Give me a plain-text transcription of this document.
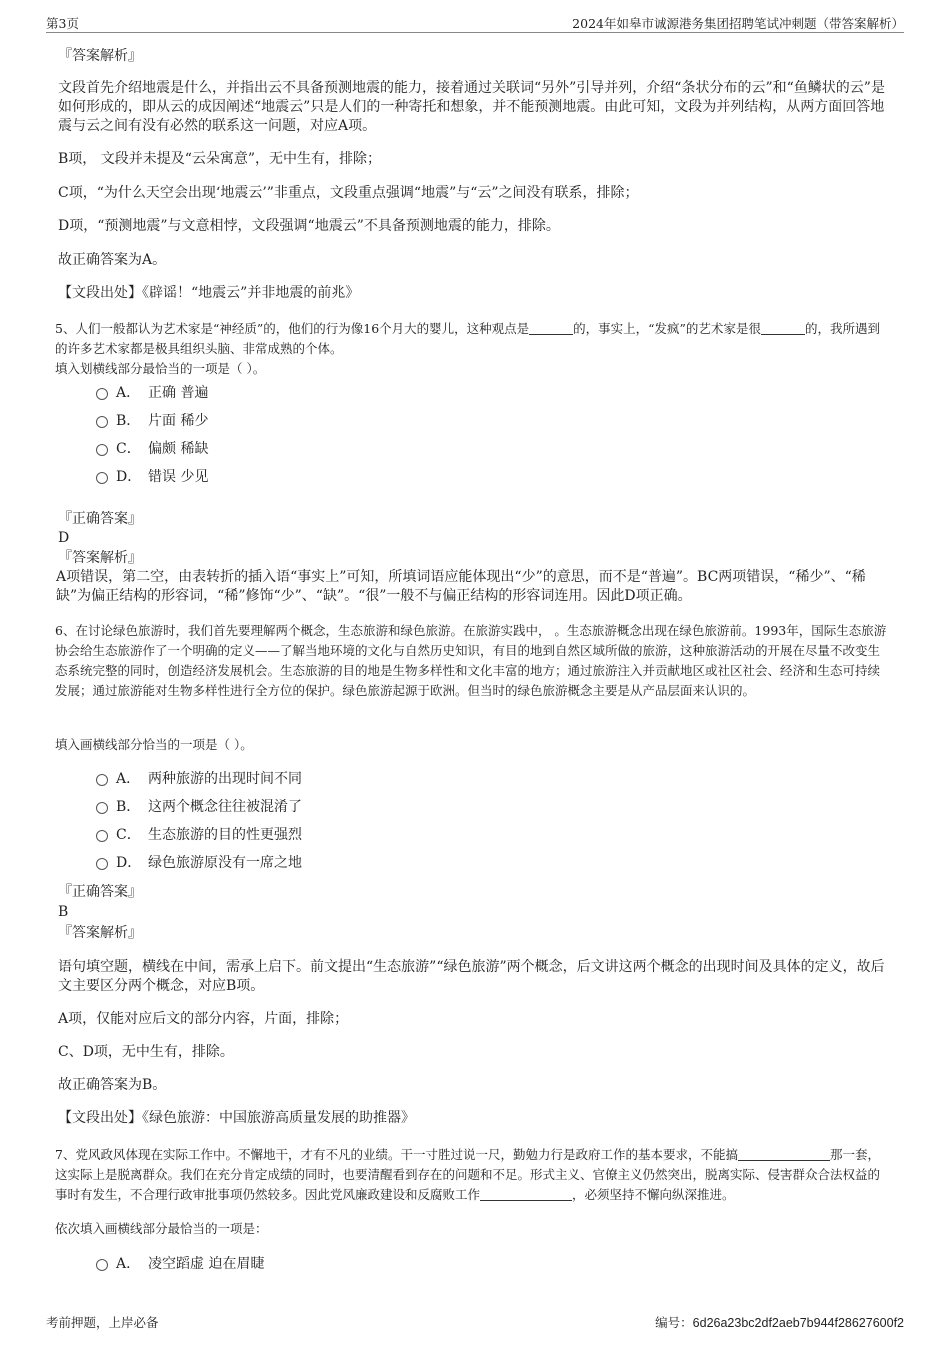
第3页	2024年如皋市诚源港务集团招聘笔试冲刺题（带答案解析）
『答案解析』

文段首先介绍地震是什么，并指出云不具备预测地震的能力，接着通过关联词“另外”引导并列，介绍“条状分布的云”和“鱼鳞状的云”是如何形成的，即从云的成因阐述“地震云”只是人们的一种寄托和想象，并不能预测地震。由此可知，文段为并列结构，从两方面回答地震与云之间有没有必然的联系这一问题，对应A项。

B项， 文段并未提及“云朵寓意”，无中生有，排除；

C项，“为什么天空会出现‘地震云’”非重点，文段重点强调“地震”与“云”之间没有联系，排除；

D项，“预测地震”与文意相悖，文段强调“地震云”不具备预测地震的能力，排除。

故正确答案为A。

【文段出处】《辟谣！“地震云”并非地震的前兆》

5、人们一般都认为艺术家是“神经质”的，他们的行为像16个月大的婴儿，这种观点是	的，事实上，“发疯”的艺术家是很	的，我所遇到的许多艺术家都是极具组织头脑、非常成熟的个体。

填入划横线部分最恰当的一项是（ ）。

A． 正确 普遍
B． 片面 稀少
C． 偏颇 稀缺
D． 错误 少见
『正确答案』
D
『答案解析』

A项错误，第二空，由表转折的插入语“事实上”可知，所填词语应能体现出“少”的意思，而不是“普遍”。BC两项错误，“稀少”、“稀缺”为偏正结构的形容词，“稀”修饰“少”、“缺”。“很”一般不与偏正结构的形容词连用。因此D项正确。

6、在讨论绿色旅游时，我们首先要理解两个概念，生态旅游和绿色旅游。在旅游实践中， 。生态旅游概念出现在绿色旅游前。1993年，国际生态旅游协会给生态旅游作了一个明确的定义——了解当地环境的文化与自然历史知识，有目的地到自然区域所做的旅游，这种旅游活动的开展在尽量不改变生态系统完整的同时，创造经济发展机会。生态旅游的目的地是生物多样性和文化丰富的地方；通过旅游注入并贡献地区或社区社会、经济和生态可持续发展；通过旅游能对生物多样性进行全方位的保护。绿色旅游起源于欧洲。但当时的绿色旅游概念主要是从产品层面来认识的。

填入画横线部分恰当的一项是（ ）。

A． 两种旅游的出现时间不同
B． 这两个概念往往被混淆了
C． 生态旅游的目的性更强烈
D． 绿色旅游原没有一席之地
『正确答案』
B
『答案解析』

语句填空题，横线在中间，需承上启下。前文提出“生态旅游”“绿色旅游”两个概念，后文讲这两个概念的出现时间及具体的定义，故后文主要区分两个概念，对应B项。

A项，仅能对应后文的部分内容，片面，排除；

C、D项，无中生有，排除。

故正确答案为B。

【文段出处】《绿色旅游：中国旅游高质量发展的助推器》

7、党风政风体现在实际工作中。不懈地干，才有不凡的业绩。干一寸胜过说一尺，勤勉力行是政府工作的基本要求，不能搞	那一套，这实际上是脱离群众。我们在充分肯定成绩的同时，也要清醒看到存在的问题和不足。形式主义、官僚主义仍然突出，脱离实际、侵害群众合法权益的事时有发生，不合理行政审批事项仍然较多。因此党风廉政建设和反腐败工作	，必须坚持不懈向纵深推进。

依次填入画横线部分最恰当的一项是：

A． 凌空蹈虚 迫在眉睫
考前押题，上岸必备	编号：6d26a23bc2df2aeb7b944f28627600f2
